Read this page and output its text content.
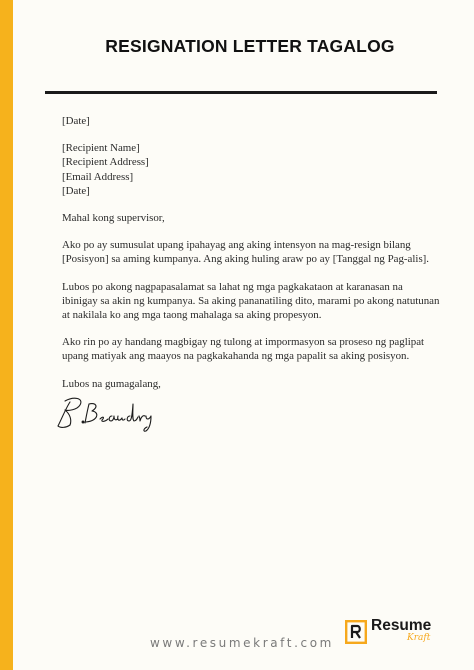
RESIGNATION LETTER TAGALOG
[Date]
[Recipient Name]
[Recipient Address]
[Email Address]
[Date]
Mahal kong supervisor,
Ako po ay sumusulat upang ipahayag ang aking intensyon na mag-resign bilang
[Posisyon] sa aming kumpanya. Ang aking huling araw po ay [Tanggal ng Pag-alis].
Lubos po akong nagpapasalamat sa lahat ng mga pagkakataon at karanasan na
ibinigay sa akin ng kumpanya. Sa aking pananatiling dito, marami po akong natutunan
at nakilala ko ang mga taong mahalaga sa aking propesyon.
Ako rin po ay handang magbigay ng tulong at impormasyon sa proseso ng paglipat
upang matiyak ang maayos na pagkakahanda ng mga papalit sa aking posisyon.
Lubos na gumagalang,
www.resumekraft.com
Resume
Kraft
